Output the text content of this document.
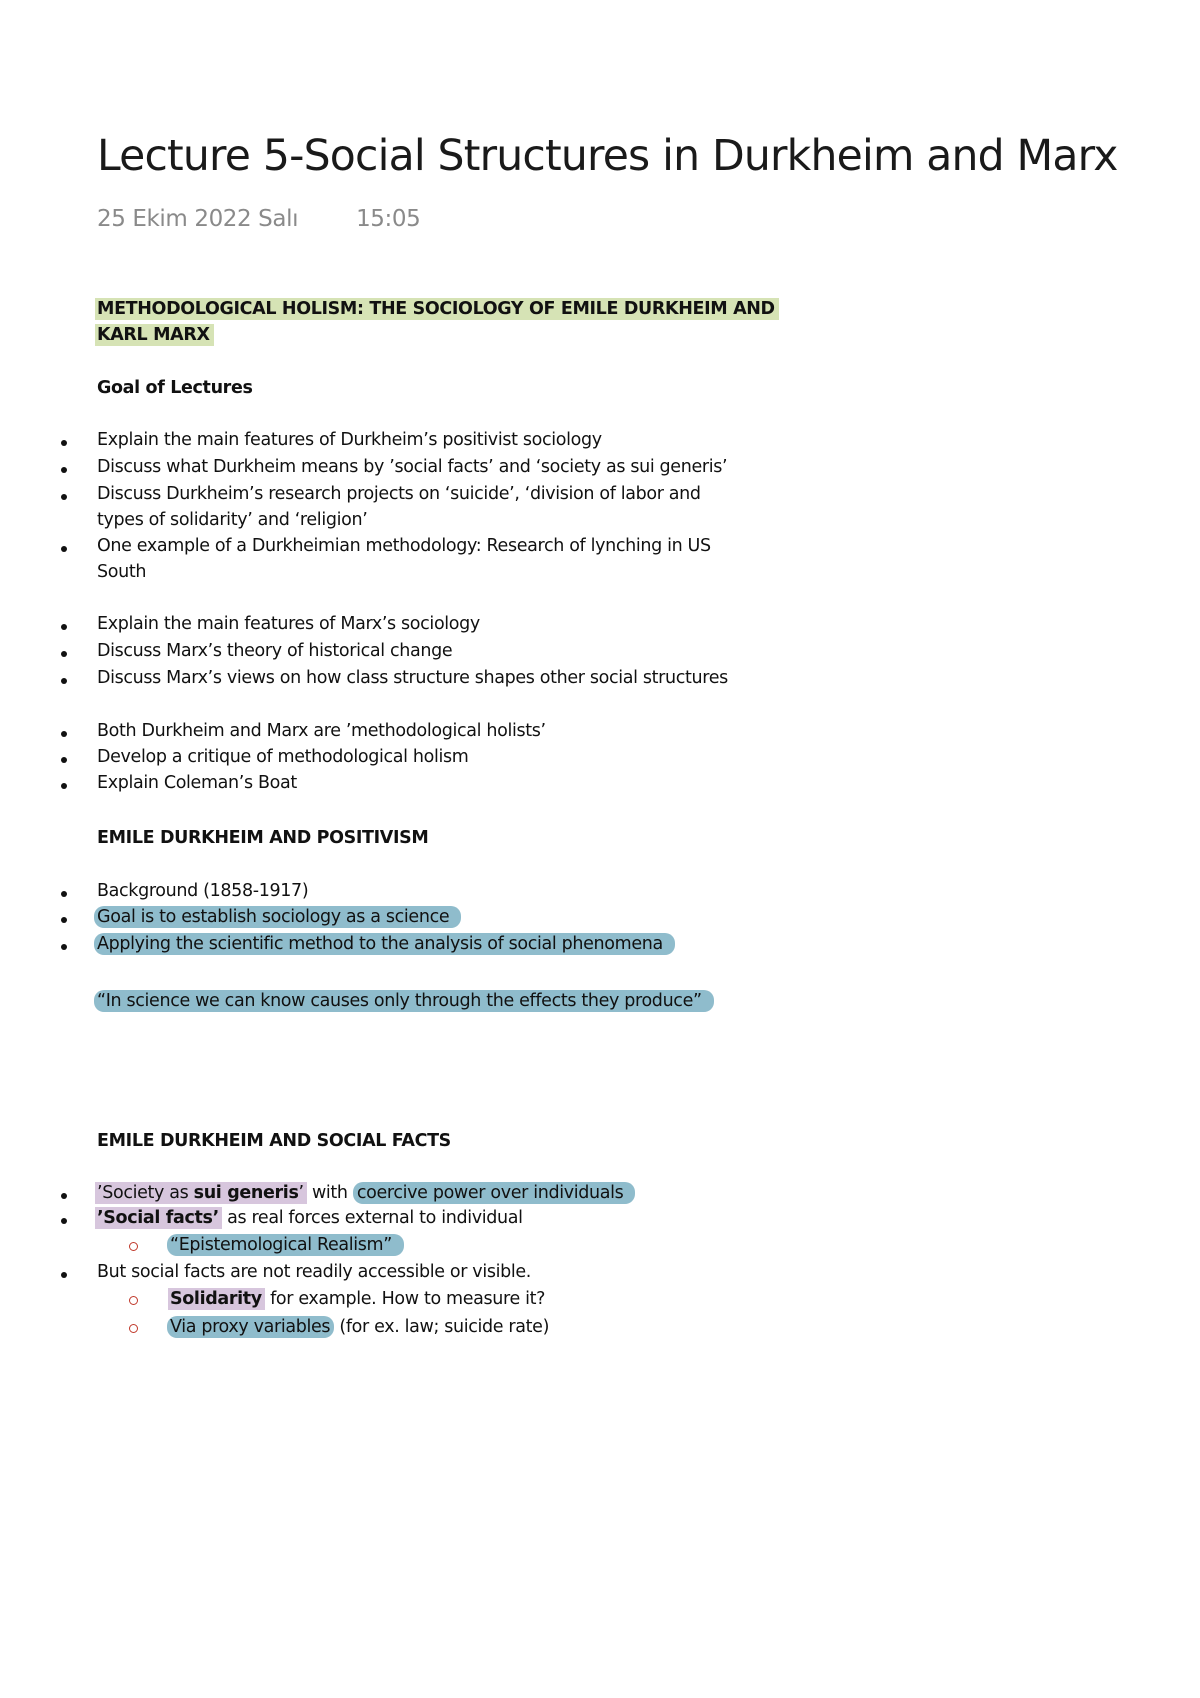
Lecture 5-Social Structures in Durkheim and Marx
25 Ekim 2022 Salı	15:05
METHODOLOGICAL HOLISM: THE SOCIOLOGY OF EMILE DURKHEIM AND
KARL MARX
Goal of Lectures
Explain the main features of Durkheim’s positivist sociology
Discuss what Durkheim means by ’social facts’ and ‘society as sui generis’
Discuss Durkheim’s research projects on ‘suicide’, ‘division of labor and
types of solidarity’ and ‘religion’
One example of a Durkheimian methodology: Research of lynching in US
South
Explain the main features of Marx’s sociology
Discuss Marx’s theory of historical change
Discuss Marx’s views on how class structure shapes other social structures
Both Durkheim and Marx are ’methodological holists’
Develop a critique of methodological holism
Explain Coleman’s Boat
EMILE DURKHEIM AND POSITIVISM
Background (1858-1917)
Goal is to establish sociology as a science
Applying the scientific method to the analysis of social phenomena
“In science we can know causes only through the effects they produce”
EMILE DURKHEIM AND SOCIAL FACTS
’Society as sui generis’ with coercive power over individuals
’Social facts’ as real forces external to individual
“Epistemological Realism”
But social facts are not readily accessible or visible.
Solidarity for example. How to measure it?
Via proxy variables (for ex. law; suicide rate)
